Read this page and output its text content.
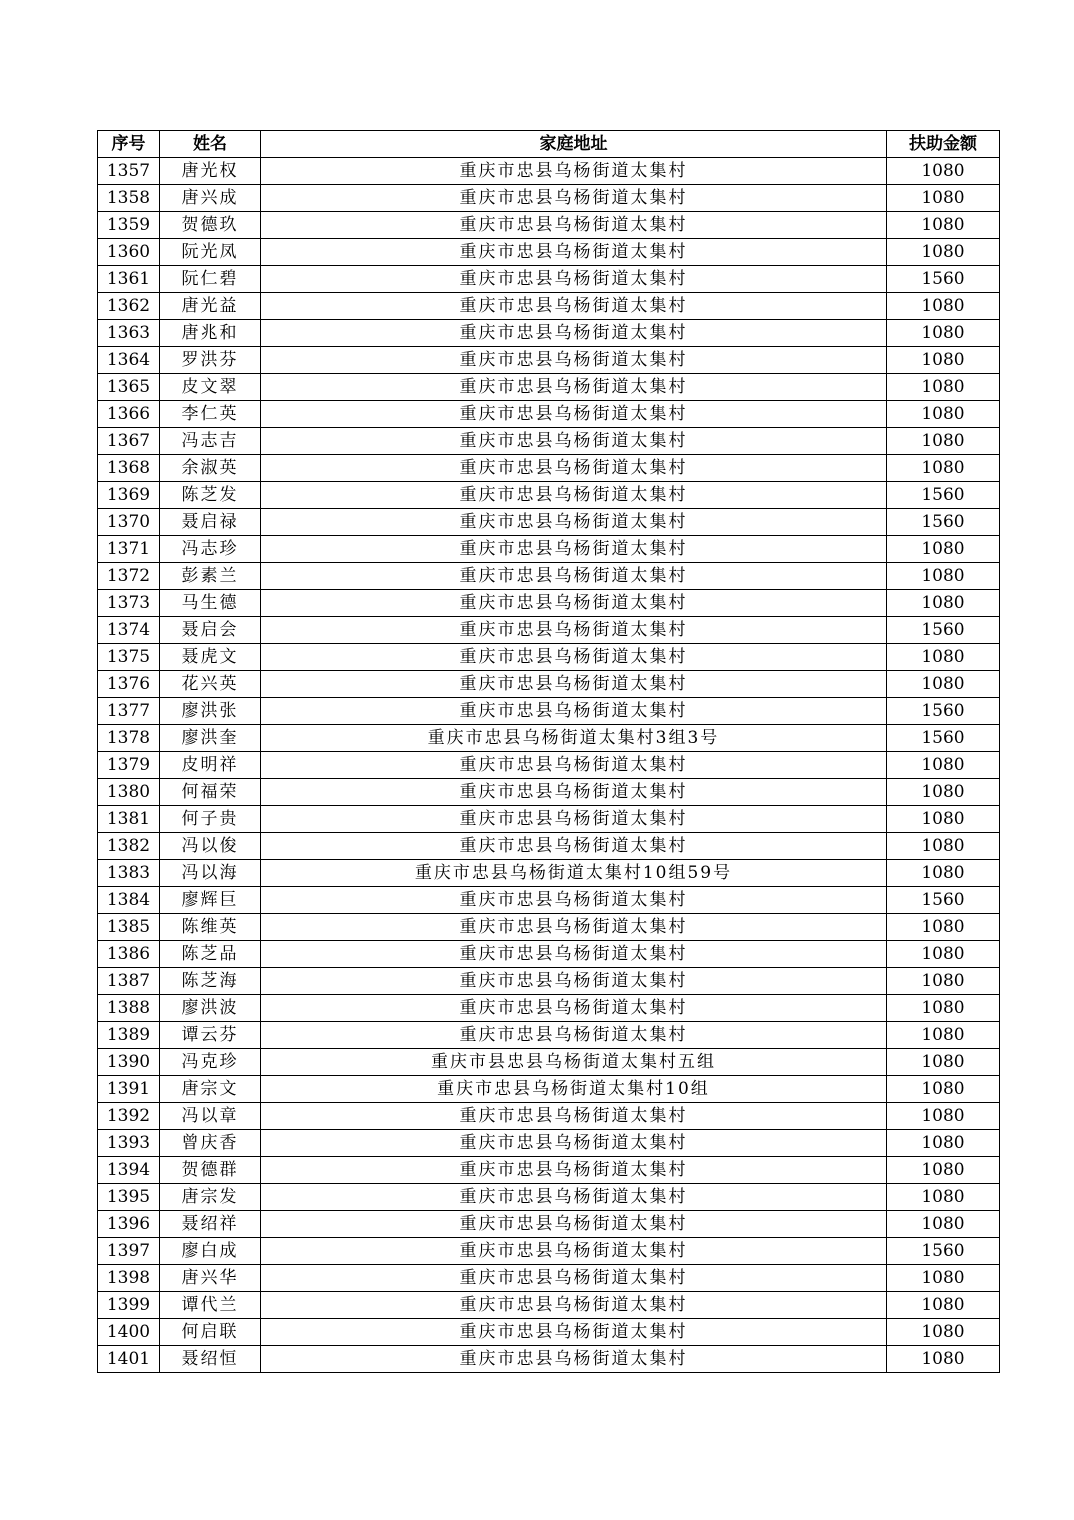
序号	姓名	家庭地址	扶助金额
1357	唐光权	重庆市忠县乌杨街道太集村	1080
1358	唐兴成	重庆市忠县乌杨街道太集村	1080
1359	贺德玖	重庆市忠县乌杨街道太集村	1080
1360	阮光凤	重庆市忠县乌杨街道太集村	1080
1361	阮仁碧	重庆市忠县乌杨街道太集村	1560
1362	唐光益	重庆市忠县乌杨街道太集村	1080
1363	唐兆和	重庆市忠县乌杨街道太集村	1080
1364	罗洪芬	重庆市忠县乌杨街道太集村	1080
1365	皮文翠	重庆市忠县乌杨街道太集村	1080
1366	李仁英	重庆市忠县乌杨街道太集村	1080
1367	冯志吉	重庆市忠县乌杨街道太集村	1080
1368	余淑英	重庆市忠县乌杨街道太集村	1080
1369	陈芝发	重庆市忠县乌杨街道太集村	1560
1370	聂启禄	重庆市忠县乌杨街道太集村	1560
1371	冯志珍	重庆市忠县乌杨街道太集村	1080
1372	彭素兰	重庆市忠县乌杨街道太集村	1080
1373	马生德	重庆市忠县乌杨街道太集村	1080
1374	聂启会	重庆市忠县乌杨街道太集村	1560
1375	聂虎文	重庆市忠县乌杨街道太集村	1080
1376	花兴英	重庆市忠县乌杨街道太集村	1080
1377	廖洪张	重庆市忠县乌杨街道太集村	1560
1378	廖洪奎	重庆市忠县乌杨街道太集村3组3号	1560
1379	皮明祥	重庆市忠县乌杨街道太集村	1080
1380	何福荣	重庆市忠县乌杨街道太集村	1080
1381	何子贵	重庆市忠县乌杨街道太集村	1080
1382	冯以俊	重庆市忠县乌杨街道太集村	1080
1383	冯以海	重庆市忠县乌杨街道太集村10组59号	1080
1384	廖辉巨	重庆市忠县乌杨街道太集村	1560
1385	陈维英	重庆市忠县乌杨街道太集村	1080
1386	陈芝品	重庆市忠县乌杨街道太集村	1080
1387	陈芝海	重庆市忠县乌杨街道太集村	1080
1388	廖洪波	重庆市忠县乌杨街道太集村	1080
1389	谭云芬	重庆市忠县乌杨街道太集村	1080
1390	冯克珍	重庆市县忠县乌杨街道太集村五组	1080
1391	唐宗文	重庆市忠县乌杨街道太集村10组	1080
1392	冯以章	重庆市忠县乌杨街道太集村	1080
1393	曾庆香	重庆市忠县乌杨街道太集村	1080
1394	贺德群	重庆市忠县乌杨街道太集村	1080
1395	唐宗发	重庆市忠县乌杨街道太集村	1080
1396	聂绍祥	重庆市忠县乌杨街道太集村	1080
1397	廖白成	重庆市忠县乌杨街道太集村	1560
1398	唐兴华	重庆市忠县乌杨街道太集村	1080
1399	谭代兰	重庆市忠县乌杨街道太集村	1080
1400	何启联	重庆市忠县乌杨街道太集村	1080
1401	聂绍恒	重庆市忠县乌杨街道太集村	1080
